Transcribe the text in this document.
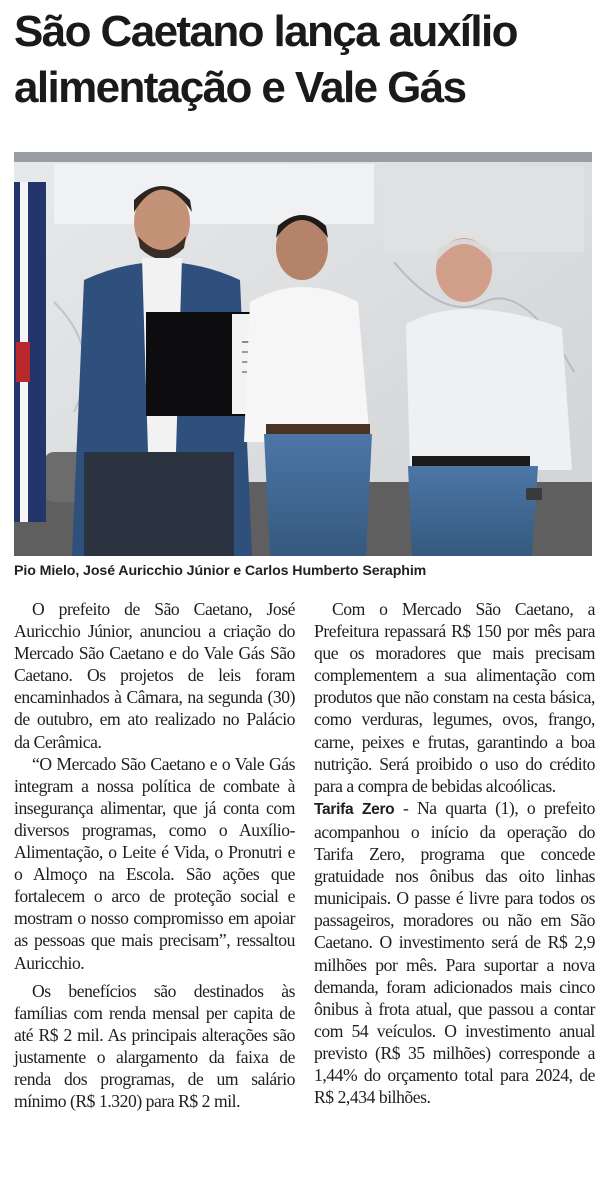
São Caetano lança auxílio
alimentação e Vale Gás

Pio Mielo, José Auricchio Júnior e Carlos Humberto Seraphim

O prefeito de São Caetano, José Auricchio Júnior, anunciou a criação do Mercado São Caetano e do Vale Gás São Caetano. Os projetos de leis foram encaminhados à Câmara, na segunda (30) de outubro, em ato realizado no Palácio da Cerâmica.

“O Mercado São Caetano e o Vale Gás integram a nossa política de combate à insegurança alimentar, que já conta com diversos programas, como o Auxílio-Alimentação, o Leite é Vida, o Pronutri e o Almoço na Escola. São ações que fortalecem o arco de proteção social e mostram o nosso compromisso em apoiar as pessoas que mais precisam”, ressaltou Auricchio.

Os benefícios são destinados às famílias com renda mensal per capita de até R$ 2 mil. As principais alterações são justamente o alargamento da faixa de renda dos programas, de um salário mínimo (R$ 1.320) para R$ 2 mil.

Com o Mercado São Caetano, a Prefeitura repassará R$ 150 por mês para que os moradores que mais precisam complementem a sua alimentação com produtos que não constam na cesta básica, como verduras, legumes, ovos, frango, carne, peixes e frutas, garantindo a boa nutrição. Será proibido o uso do crédito para a compra de bebidas alcoólicas.

Tarifa Zero - Na quarta (1), o prefeito acompanhou o início da operação do Tarifa Zero, programa que concede gratuidade nos ônibus das oito linhas municipais. O passe é livre para todos os passageiros, moradores ou não em São Caetano. O investimento será de R$ 2,9 milhões por mês. Para suportar a nova demanda, foram adicionados mais cinco ônibus à frota atual, que passou a contar com 54 veículos. O investimento anual previsto (R$ 35 milhões) corresponde a 1,44% do orçamento total para 2024, de R$ 2,434 bilhões.
